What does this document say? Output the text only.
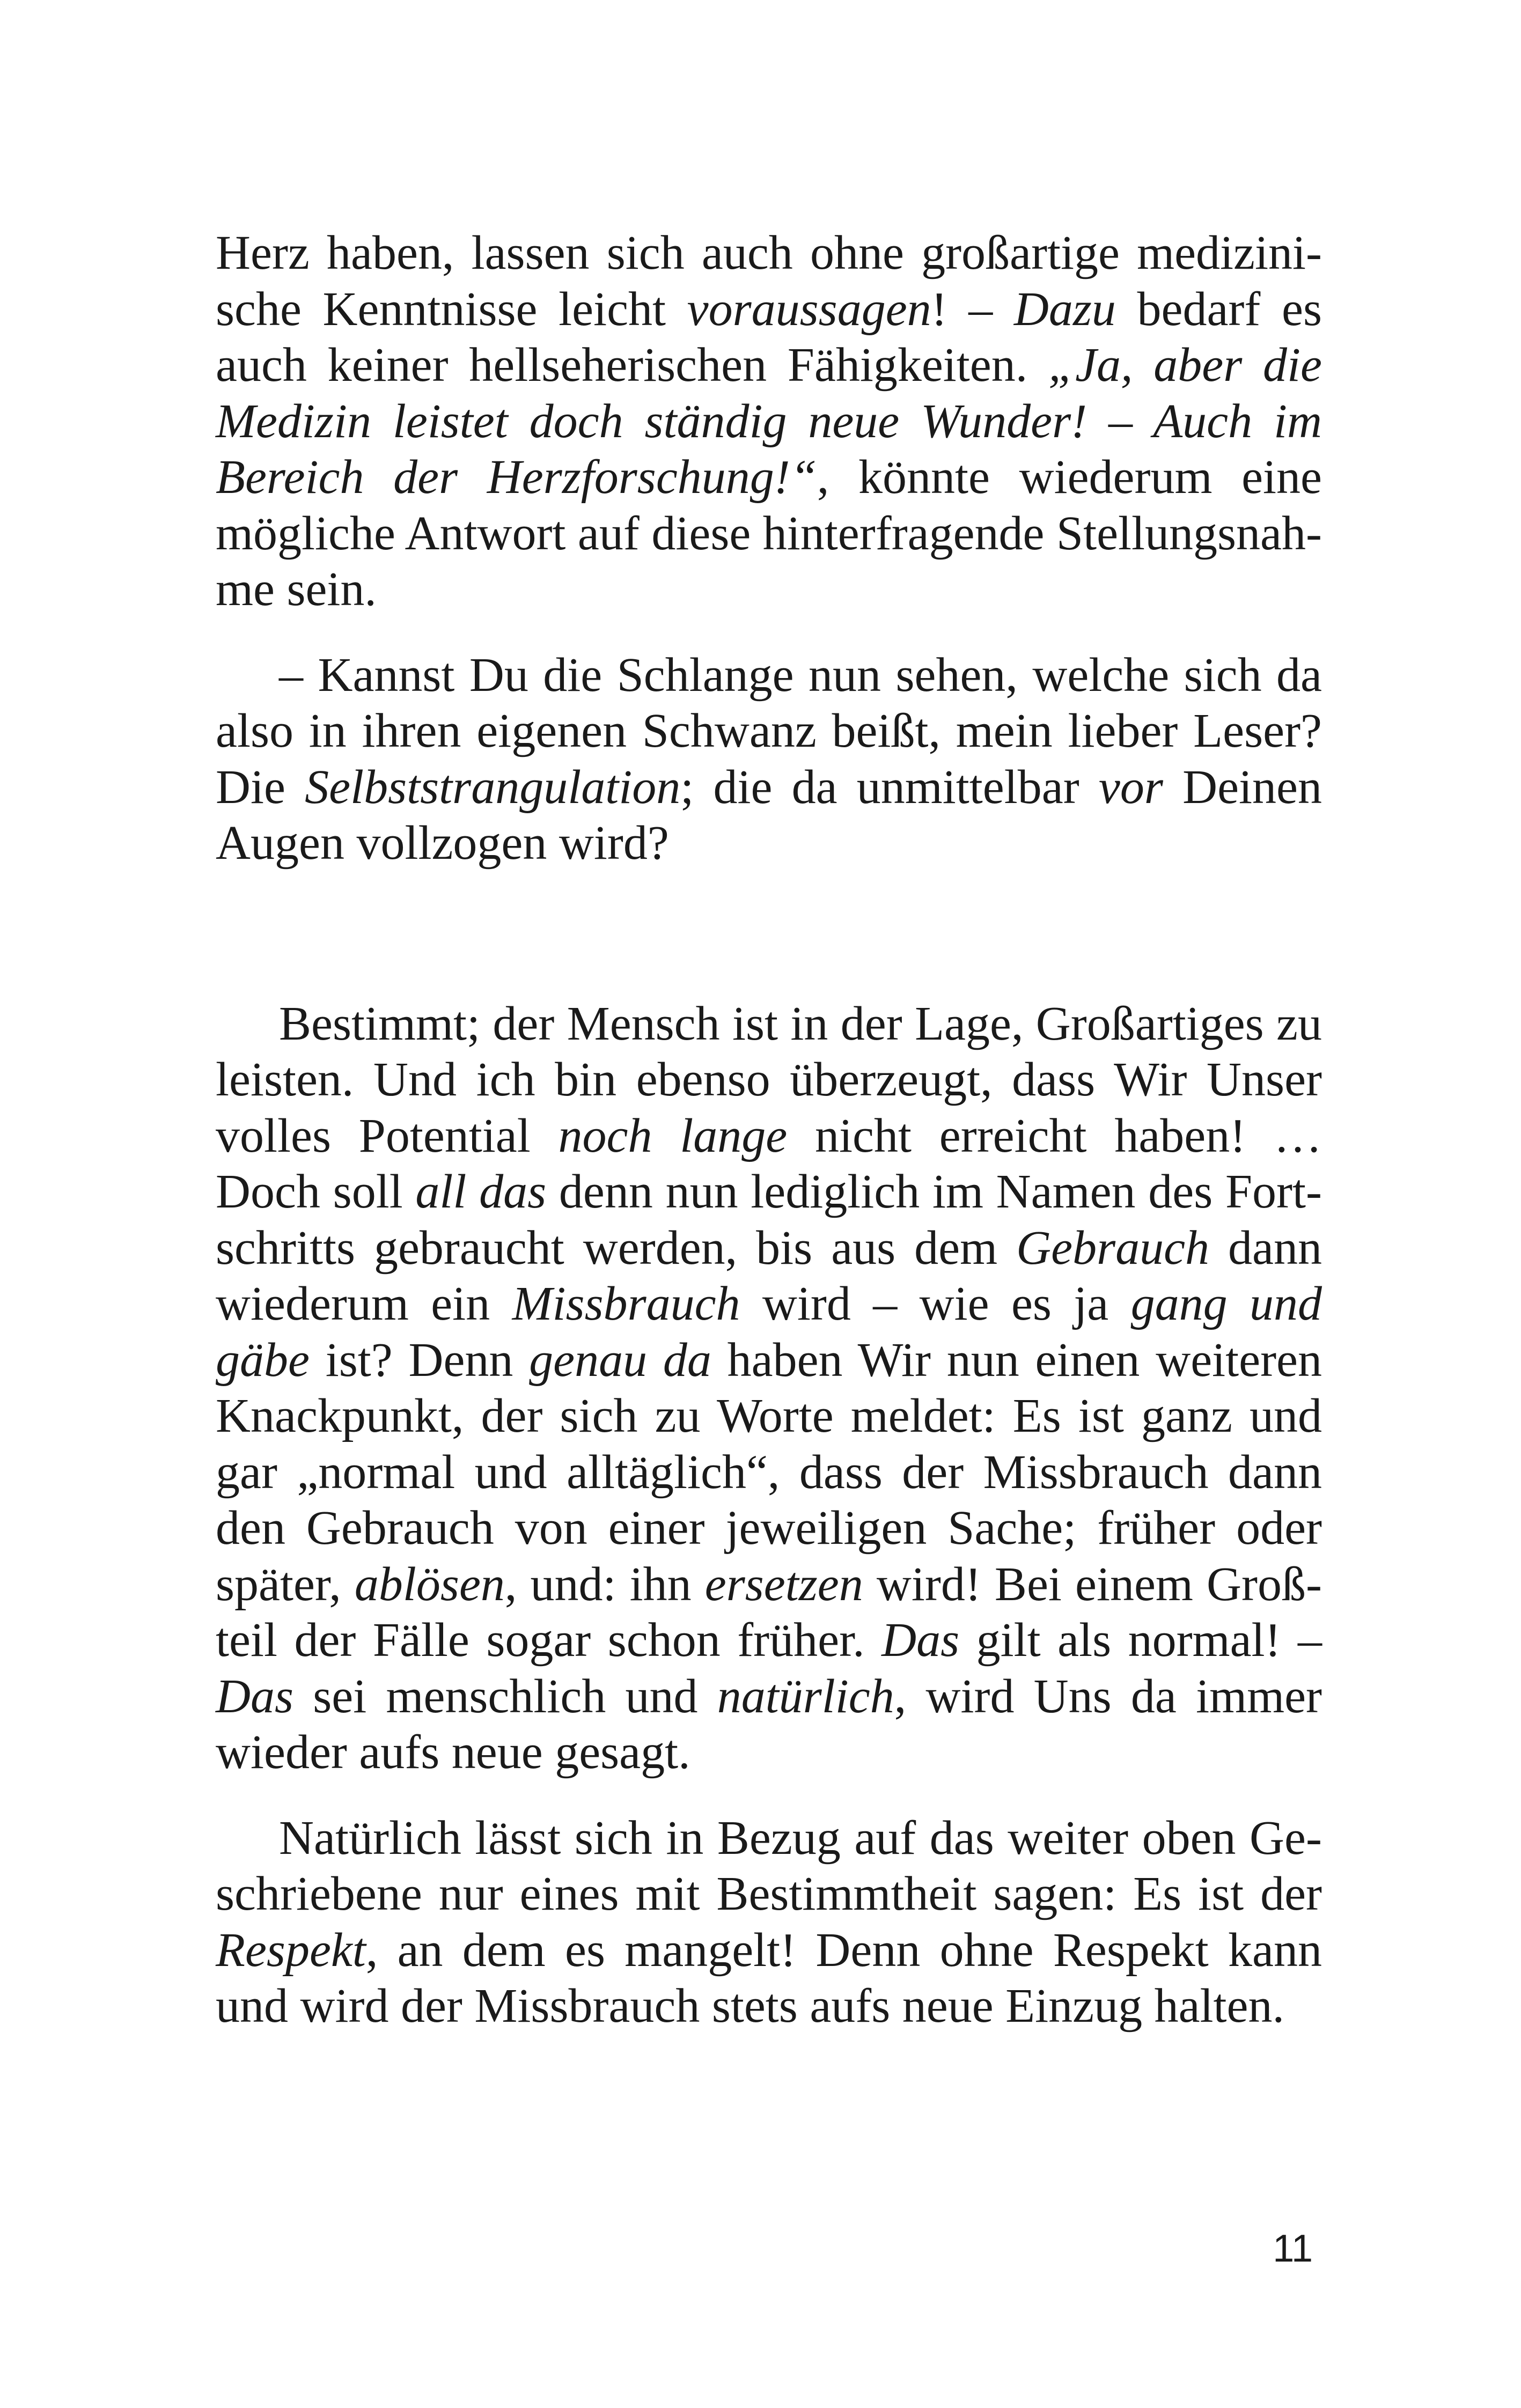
Herz haben, lassen sich auch ohne großartige medizinische Kenntnisse leicht voraussagen! – Dazu bedarf es auch keiner hellseherischen Fähigkeiten. „Ja, aber die Medizin leistet doch ständig neue Wunder! – Auch im Bereich der Herzforschung!“, könnte wiederum eine mögliche Antwort auf diese hinterfragende Stellungsnahme sein.

– Kannst Du die Schlange nun sehen, welche sich da also in ihren eigenen Schwanz beißt, mein lieber Leser? Die Selbststrangulation; die da unmittelbar vor Deinen Augen vollzogen wird?

Bestimmt; der Mensch ist in der Lage, Großartiges zu leisten. Und ich bin ebenso überzeugt, dass Wir Unser volles Potential noch lange nicht erreicht haben! … Doch soll all das denn nun lediglich im Namen des Fortschritts gebraucht werden, bis aus dem Gebrauch dann wiederum ein Missbrauch wird – wie es ja gang und gäbe ist? Denn genau da haben Wir nun einen weiteren Knackpunkt, der sich zu Worte meldet: Es ist ganz und gar „normal und alltäglich“, dass der Missbrauch dann den Gebrauch von einer jeweiligen Sache; früher oder später, ablösen, und: ihn ersetzen wird! Bei einem Großteil der Fälle sogar schon früher. Das gilt als normal! – Das sei menschlich und natürlich, wird Uns da immer wieder aufs neue gesagt.

Natürlich lässt sich in Bezug auf das weiter oben Geschriebene nur eines mit Bestimmtheit sagen: Es ist der Respekt, an dem es mangelt! Denn ohne Respekt kann und wird der Missbrauch stets aufs neue Einzug halten.

11
